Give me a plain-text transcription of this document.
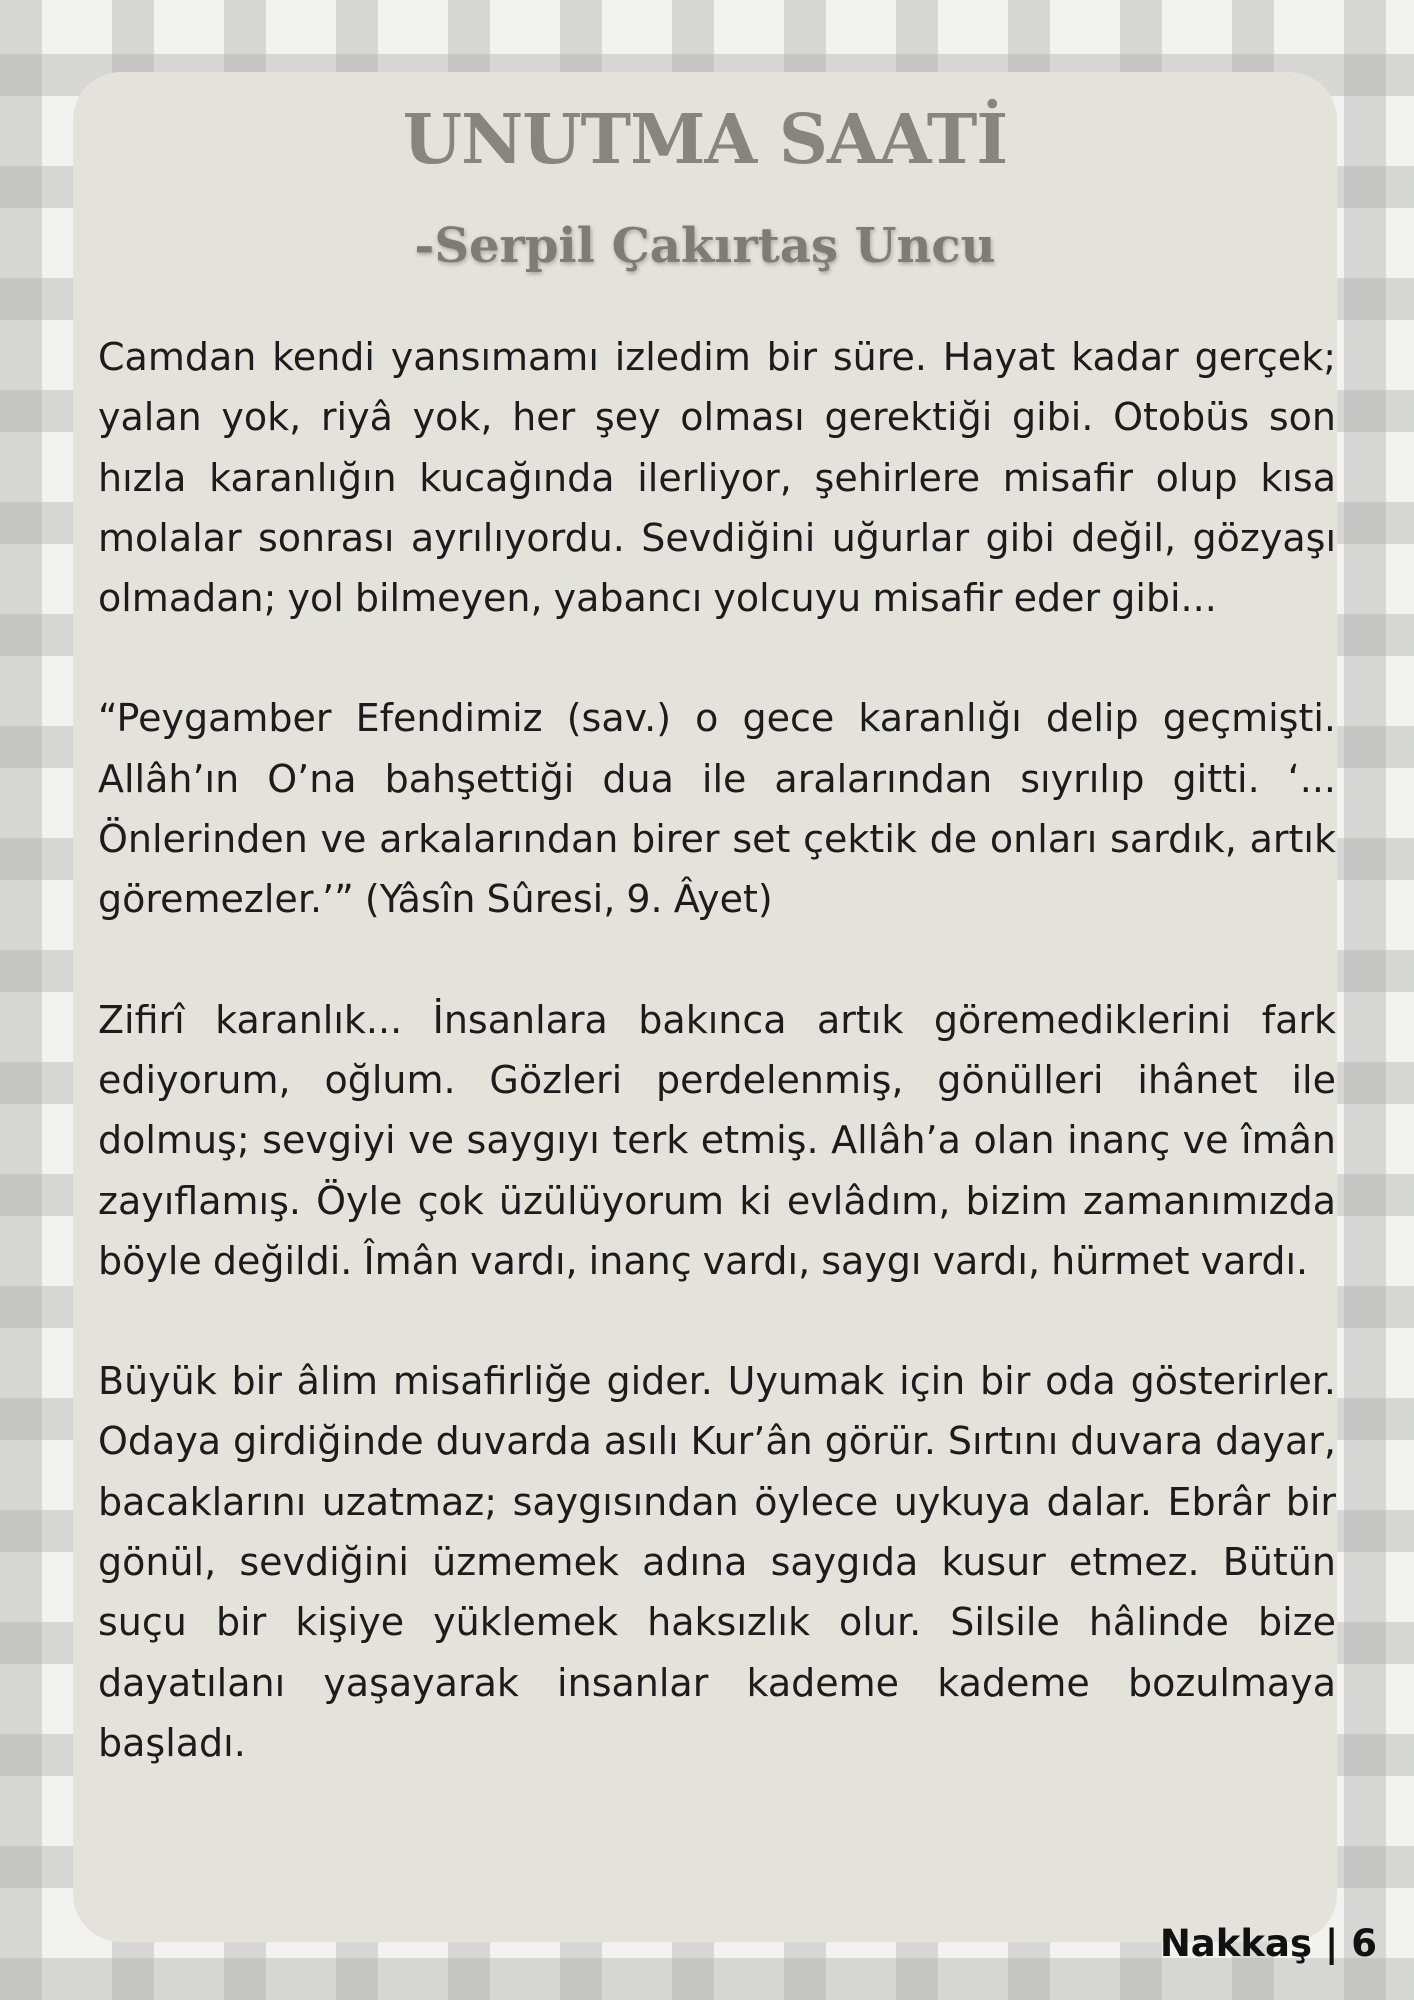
UNUTMA SAATİ
-Serpil Çakırtaş Uncu

Camdan kendi yansımamı izledim bir süre. Hayat kadar gerçek; yalan yok, riyâ yok, her şey olması gerektiği gibi. Otobüs son hızla karanlığın kucağında ilerliyor, şehirlere misafir olup kısa molalar sonrası ayrılıyordu. Sevdiğini uğurlar gibi değil, gözyaşı olmadan; yol bilmeyen, yabancı yolcuyu misafir eder gibi...

“Peygamber Efendimiz (sav.) o gece karanlığı delip geçmişti. Allâh’ın O’na bahşettiği dua ile aralarından sıyrılıp gitti. ‘... Önlerinden ve arkalarından birer set çektik de onları sardık, artık göremezler.’” (Yâsîn Sûresi, 9. Âyet)

Zifirî karanlık... İnsanlara bakınca artık göremediklerini fark ediyorum, oğlum. Gözleri perdelenmiş, gönülleri ihânet ile dolmuş; sevgiyi ve saygıyı terk etmiş. Allâh’a olan inanç ve îmân zayıflamış. Öyle çok üzülüyorum ki evlâdım, bizim zamanımızda böyle değildi. Îmân vardı, inanç vardı, saygı vardı, hürmet vardı.

Büyük bir âlim misafirliğe gider. Uyumak için bir oda gösterirler. Odaya girdiğinde duvarda asılı Kur’ân görür. Sırtını duvara dayar, bacaklarını uzatmaz; saygısından öylece uykuya dalar. Ebrâr bir gönül, sevdiğini üzmemek adına saygıda kusur etmez. Bütün suçu bir kişiye yüklemek haksızlık olur. Silsile hâlinde bize dayatılanı yaşayarak insanlar kademe kademe bozulmaya başladı.

Nakkaş | 6
